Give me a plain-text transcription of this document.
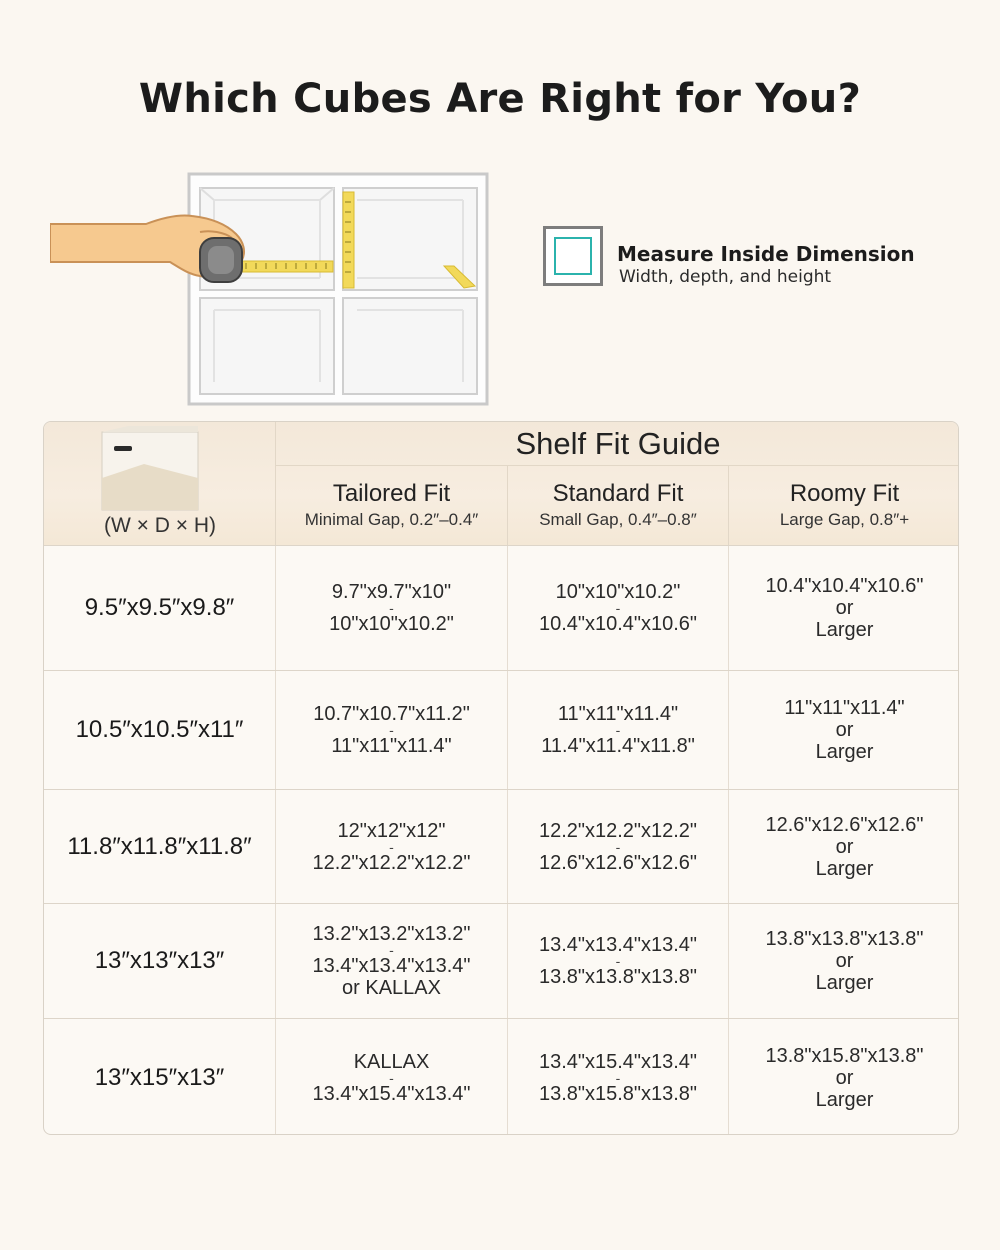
Which Cubes Are Right for You?
Measure Inside Dimension
Width, depth, and height
(W × D × H)
Shelf Fit Guide
Tailored Fit
Minimal Gap, 0.2″–0.4″
Standard Fit
Small Gap, 0.4″–0.8″
Roomy Fit
Large Gap, 0.8″+
9.5″x9.5″x9.8″
9.7"x9.7"x10"
-
10"x10"x10.2"
10"x10"x10.2"
-
10.4"x10.4"x10.6"
10.4"x10.4"x10.6"
or
Larger
10.5″x10.5″x11″
10.7"x10.7"x11.2"
-
11"x11"x11.4"
11"x11"x11.4"
-
11.4"x11.4"x11.8"
11"x11"x11.4"
or
Larger
11.8″x11.8″x11.8″
12"x12"x12"
-
12.2"x12.2"x12.2"
12.2"x12.2"x12.2"
-
12.6"x12.6"x12.6"
12.6"x12.6"x12.6"
or
Larger
13″x13″x13″
13.2"x13.2"x13.2"
-
13.4"x13.4"x13.4"
or KALLAX
13.4"x13.4"x13.4"
-
13.8"x13.8"x13.8"
13.8"x13.8"x13.8"
or
Larger
13″x15″x13″
KALLAX
-
13.4"x15.4"x13.4"
13.4"x15.4"x13.4"
-
13.8"x15.8"x13.8"
13.8"x15.8"x13.8"
or
Larger
